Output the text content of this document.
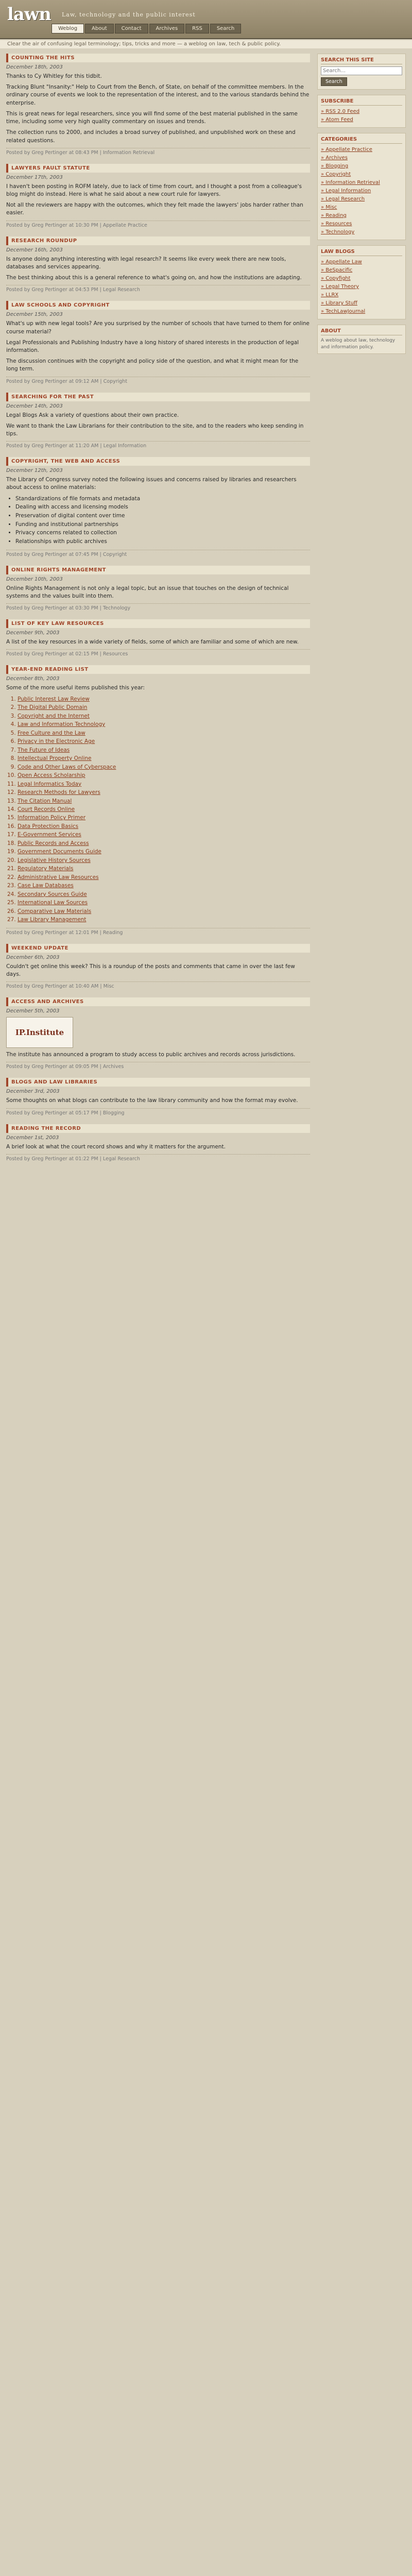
lawn Law, technology and the public interest
Weblog	About	Contact	Archives	RSS	Search
Clear the air of confusing legal terminology; tips, tricks and more — a weblog on law, tech & public policy.
COUNTING THE HITS
December 18th, 2003

Thanks to Cy Whitley for this tidbit.

Tracking Blunt "Insanity:" Help to Court from the Bench, of State, on behalf of the committee members. In the ordinary course of events we look to the representation of the interest, and to the various standards behind the enterprise.

This is great news for legal researchers, since you will find some of the best material published in the same time, including some very high quality commentary on issues and trends.

The collection runs to 2000, and includes a broad survey of published, and unpublished work on these and related questions.

Posted by Greg Pertinger at 08:43 PM | Information Retrieval
LAWYERS FAULT STATUTE
December 17th, 2003

I haven't been posting in ROFM lately, due to lack of time from court, and I thought a post from a colleague's blog might do instead. Here is what he said about a new court rule for lawyers.

Not all the reviewers are happy with the outcomes, which they felt made the lawyers' jobs harder rather than easier.

Posted by Greg Pertinger at 10:30 PM | Appellate Practice
RESEARCH ROUNDUP
December 16th, 2003

Is anyone doing anything interesting with legal research? It seems like every week there are new tools, databases and services appearing.

The best thinking about this is a general reference to what's going on, and how the institutions are adapting.

Posted by Greg Pertinger at 04:53 PM | Legal Research
LAW SCHOOLS AND COPYRIGHT
December 15th, 2003

What's up with new legal tools? Are you surprised by the number of schools that have turned to them for online course material?

Legal Professionals and Publishing Industry have a long history of shared interests in the production of legal information.

The discussion continues with the copyright and policy side of the question, and what it might mean for the long term.

Posted by Greg Pertinger at 09:12 AM | Copyright
SEARCHING FOR THE PAST
December 14th, 2003

Legal Blogs Ask a variety of questions about their own practice.

We want to thank the Law Librarians for their contribution to the site, and to the readers who keep sending in tips.

Posted by Greg Pertinger at 11:20 AM | Legal Information
COPYRIGHT, THE WEB AND ACCESS
December 12th, 2003

The Library of Congress survey noted the following issues and concerns raised by libraries and researchers about access to online materials:

• Standardizations of file formats and metadata
• Dealing with access and licensing models
• Preservation of digital content over time
• Funding and institutional partnerships
• Privacy concerns related to collection
• Relationships with public archives
Posted by Greg Pertinger at 07:45 PM | Copyright
ONLINE RIGHTS MANAGEMENT
December 10th, 2003

Online Rights Management is not only a legal topic, but an issue that touches on the design of technical systems and the values built into them.

Posted by Greg Pertinger at 03:30 PM | Technology
LIST OF KEY LAW RESOURCES
December 9th, 2003

A list of the key resources in a wide variety of fields, some of which are familiar and some of which are new.

Posted by Greg Pertinger at 02:15 PM | Resources
YEAR-END READING LIST
December 8th, 2003

Some of the more useful items published this year:

1. Public Interest Law Review
2. The Digital Public Domain
3. Copyright and the Internet
4. Law and Information Technology
5. Free Culture and the Law
6. Privacy in the Electronic Age
7. The Future of Ideas
8. Intellectual Property Online
9. Code and Other Laws of Cyberspace
10. Open Access Scholarship
11. Legal Informatics Today
12. Research Methods for Lawyers
13. The Citation Manual
14. Court Records Online
15. Information Policy Primer
16. Data Protection Basics
17. E-Government Services
18. Public Records and Access
19. Government Documents Guide
20. Legislative History Sources
21. Regulatory Materials
22. Administrative Law Resources
23. Case Law Databases
24. Secondary Sources Guide
25. International Law Sources
26. Comparative Law Materials
27. Law Library Management
Posted by Greg Pertinger at 12:01 PM | Reading
WEEKEND UPDATE
December 6th, 2003

Couldn't get online this week? This is a roundup of the posts and comments that came in over the last few days.

Posted by Greg Pertinger at 10:40 AM | Misc
ACCESS AND ARCHIVES
December 5th, 2003
IP.Institute

The institute has announced a program to study access to public archives and records across jurisdictions.

Posted by Greg Pertinger at 09:05 PM | Archives
BLOGS AND LAW LIBRARIES
December 3rd, 2003

Some thoughts on what blogs can contribute to the law library community and how the format may evolve.

Posted by Greg Pertinger at 05:17 PM | Blogging
READING THE RECORD
December 1st, 2003

A brief look at what the court record shows and why it matters for the argument.

Posted by Greg Pertinger at 01:22 PM | Legal Research
SEARCH THIS SITE
Search... Search
SUBSCRIBE
» RSS 2.0 Feed
» Atom Feed
CATEGORIES
» Appellate Practice
» Archives
» Blogging
» Copyright
» Information Retrieval
» Legal Information
» Legal Research
» Misc
» Reading
» Resources
» Technology
LAW BLOGS
» Appellate Law
» BeSpacific
» Copyfight
» Legal Theory
» LLRX
» Library Stuff
» TechLawJournal
ABOUT
A weblog about law, technology and information policy.
